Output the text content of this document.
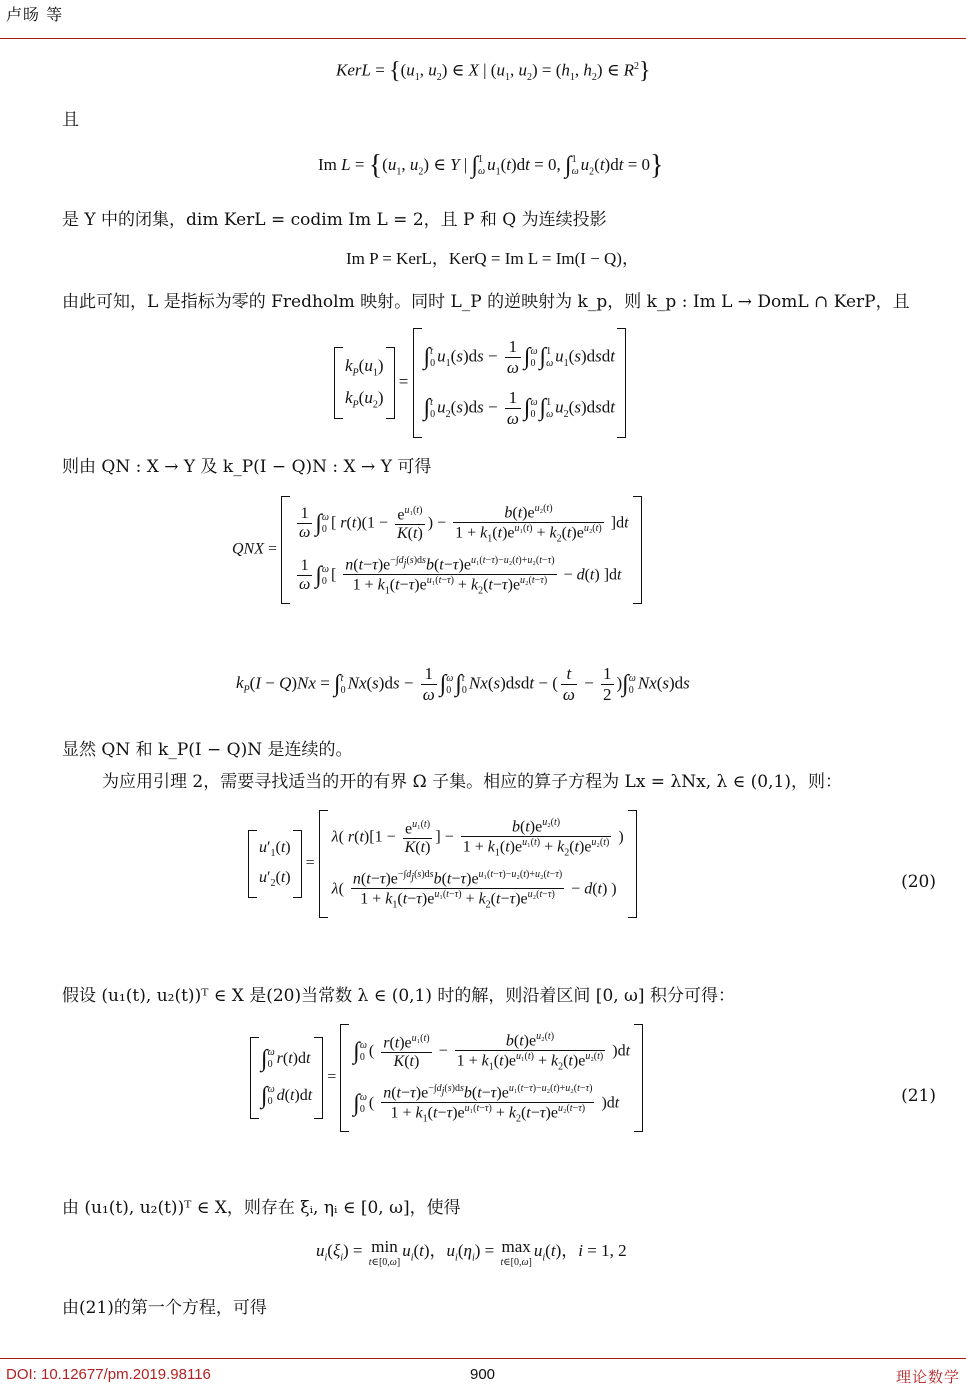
卢旸 等
KerL = {($u_1$, $u_2$) ∈ X | ($u_1$, $u_2) = (h_1$, $h_2$) ∈ $R^2$}
且
Im $L = \{(u_1$, $u_2$) ∈ Y | ∫1
ω $u_1(t)dt = 0$, ∫1
ω $u_2(t)dt = 0$}
是 Y 中的闭集，dim KerL = codim Im L = 2，且 P 和 Q 为连续投影
Im P = KerL，KerQ = Im L = Im(I − Q)，
由此可知，L 是指标为零的 Fredholm 映射。同时 L_P 的逆映射为 k_p，则 k_p : Im L → DomL ∩ KerP，且
$k_P(u_1)$
$k_P(u_2)$
=
∫t
0 $u_1(s)ds - \frac{1}{\omega} \int\omega$
0 ∫1
ω $u_1(s)dsdt$
∫t
0 $u_2(s)ds - \frac{1}{\omega} \int\omega$
0 ∫1
ω $u_2(s)dsdt$
则由 QN : X → Y 及 k_P(I − Q)N : X → Y 可得
QNX =
$\frac{1}{\omega} \int\omega$
0 [ $r(t)(1 - \frac{e^{u_1(t)}}{K(t)}$ ) − $\frac{b(t)e^{u_2(t)}}{1 + k_1(t)e^{u_1(t)} + k_2(t)e^{u_2(t)}} ]dt$
$\frac{1}{\omega} \int\omega$
0 [ $\frac{n(t-\tau)e^{-\int d_j(s)ds}b(t-\tau)e^{u_1(t-\tau)-u_2(t)+u_2(t-\tau)}}{1 + k_1(t-\tau)e^{u_1(t-\tau)} + k_2(t-\tau)e^{u_2(t-\tau)}} - d(t)$ ]dt
$k_P(I - Q)Nx = \int t$
0 $Nx(s)ds - \frac{1}{\omega} \int\omega$
0 ∫t
0 Nx(s)dsdt − ( $\frac{t}{\omega} - \frac{1}{2} )\int\omega$
0 Nx(s)ds
显然 QN 和 k_P(I − Q)N 是连续的。
为应用引理 2，需要寻找适当的开的有界 Ω 子集。相应的算子方程为 Lx = λNx, λ ∈ (0,1)，则：
$u'_1(t)$
$u'_2(t)$
=
λ( $r(t)[1 - \frac{e^{u_1(t)}}{K(t)}$ ] − $\frac{b(t)e^{u_2(t)}}{1 + k_1(t)e^{u_1(t)} + k_2(t)e^{u_2(t)}}$ )
$\lambda( \frac{n(t-\tau)e^{-\int d_j(s)ds}b(t-\tau)e^{u_1(t-\tau)-u_2(t)+u_2(t-\tau)}}{1 + k_1(t-\tau)e^{u_1(t-\tau)} + k_2(t-\tau)e^{u_2(t-\tau)}} - d(t)$ )	(20)
假设 (u₁(t), u₂(t))ᵀ ∈ X 是(20)当常数 λ ∈ (0,1) 时的解，则沿着区间 [0, ω] 积分可得：
∫ω
0 r(t)dt
∫ω
0 d(t)dt
=
∫ω
0 ( $\frac{r(t)e^{u_1(t)}}{K(t)} - \frac{b(t)e^{u_2(t)}}{1 + k_1(t)e^{u_1(t)} + k_2(t)e^{u_2(t)}} )dt$
∫ω
0 ( $\frac{n(t-\tau)e^{-\int d_j(s)ds}b(t-\tau)e^{u_1(t-\tau)-u_2(t)+u_2(t-\tau)}}{1 + k_1(t-\tau)e^{u_1(t-\tau)} + k_2(t-\tau)e^{u_2(t-\tau)}} )dt$	(21)
由 (u₁(t), u₂(t))ᵀ ∈ X，则存在 ξᵢ, ηᵢ ∈ [0, ω]，使得
$u_i(\xi_i) = \min$
t∈[0,ω]
$u_i(t)$，$u_i(\eta_i) = \max$
t∈[0,ω]
$u_i(t)$，i = 1, 2
由(21)的第一个方程，可得
DOI: 10.12677/pm.2019.98116	900	理论数学
